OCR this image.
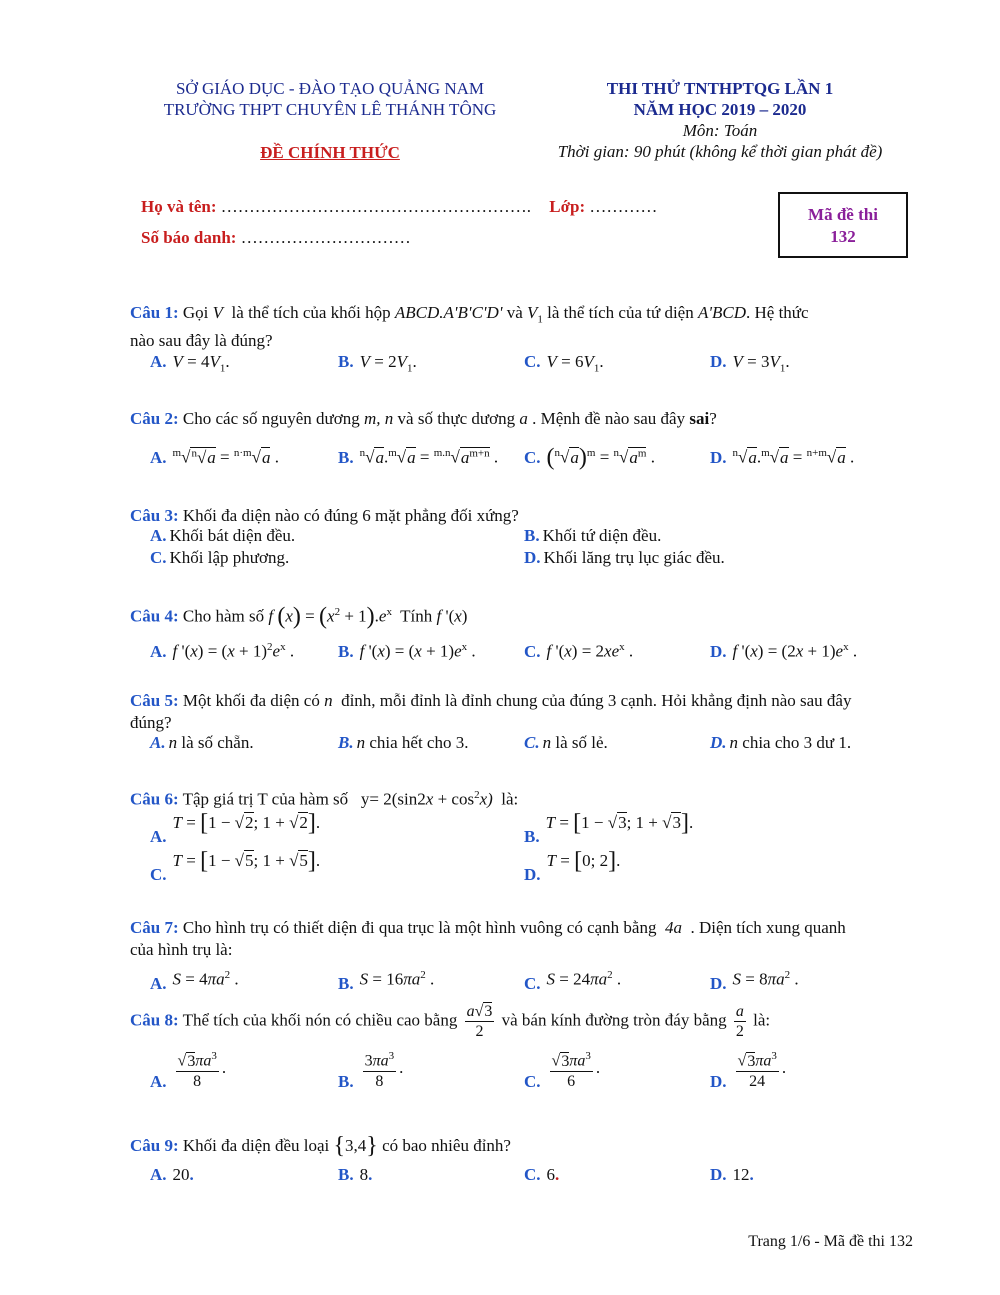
SỞ GIÁO DỤC - ĐÀO TẠO QUẢNG NAM
TRƯỜNG THPT CHUYÊN LÊ THÁNH TÔNG
ĐỀ CHÍNH THỨC
THI THỬ TNTHPTQG LẦN 1
NĂM HỌC 2019 – 2020
Môn: Toán
Thời gian: 90 phút (không kể thời gian phát đề)
Họ và tên: ………………………………………………. Lớp: …………
Số báo danh: …………………………
Mã đề thi
132
Câu 1: Gọi V là thể tích của khối hộp ABCD.A'B'C'D' và $V_1$ là thể tích của tứ diện A'BCD. Hệ thức
nào sau đây là đúng?
A. $V = 4V_1$.	B. $V = 2V_1$.	C. $V = 6V_1$.	D. $V = 3V_1$.
Câu 2: Cho các số nguyên dương m, n và số thực dương a . Mệnh đề nào sau đây sai?
A. $^m$√$^n$√a = $^{n\cdot m}$√a .	B. $^n√a.^m√a = ^{m.n}√a^{m+n}$ . C. $(^n√a)^m = ^n√a^m$ .	D. $^n$√a.$^m$√a = $^{n+m}$√a .
Câu 3: Khối đa diện nào có đúng 6 mặt phẳng đối xứng?
A. Khối bát diện đều.	B. Khối tứ diện đều.
C. Khối lập phương.	D. Khối lăng trụ lục giác đều.
Câu 4: Cho hàm số f $(x) = (x^2 + 1).e^x$ Tính f '(x)
A. f '$(x) = (x + 1)^2e^x$ .	B. f '$(x) = (x + 1)e^x$ .	C. f '$(x) = 2xe^x$ .	D. f '$(x) = (2x + 1)e^x$ .
Câu 5: Một khối đa diện có n đỉnh, mỗi đỉnh là đỉnh chung của đúng 3 cạnh. Hỏi khẳng định nào sau đây
đúng?
A. n là số chẵn.	B. n chia hết cho 3.	C. n là số lẻ.	D. n chia cho 3 dư 1.
Câu 6: Tập giá trị T của hàm số $y= 2(\sin 2x + \cos^2x)$ là:
A.T = [1 − √2; 1 + √2].
B.T = [1 − √3; 1 + √3].
C.T = [1 − √5; 1 + √5].
D.T = [0; 2].
Câu 7: Cho hình trụ có thiết diện đi qua trục là một hình vuông có cạnh bằng 4a . Diện tích xung quanh
của hình trụ là:
A. $S = 4\pi a^2$ .	B. $S = 16\pi a^2$ .	C. $S = 24\pi a^2$ .	D. $S = 8\pi a^2$ .
Câu 8: Thể tích của khối nón có chiều cao bằng $\frac{a√3}{2}$ và bán kính đường tròn đáy bằng $\frac{a}{2}$ là:
A. $\frac{√3\pi a^3}{8}$ .
B. $\frac{3\pi a^3}{8}$ .
C. $\frac{√3\pi a^3}{6}$ .
D. $\frac{√3\pi a^3}{24}$ .
Câu 9: Khối đa diện đều loại {3,4} có bao nhiêu đỉnh?
A. 20.	B. 8.	C. 6.	D. 12.
Trang 1/6 - Mã đề thi 132
